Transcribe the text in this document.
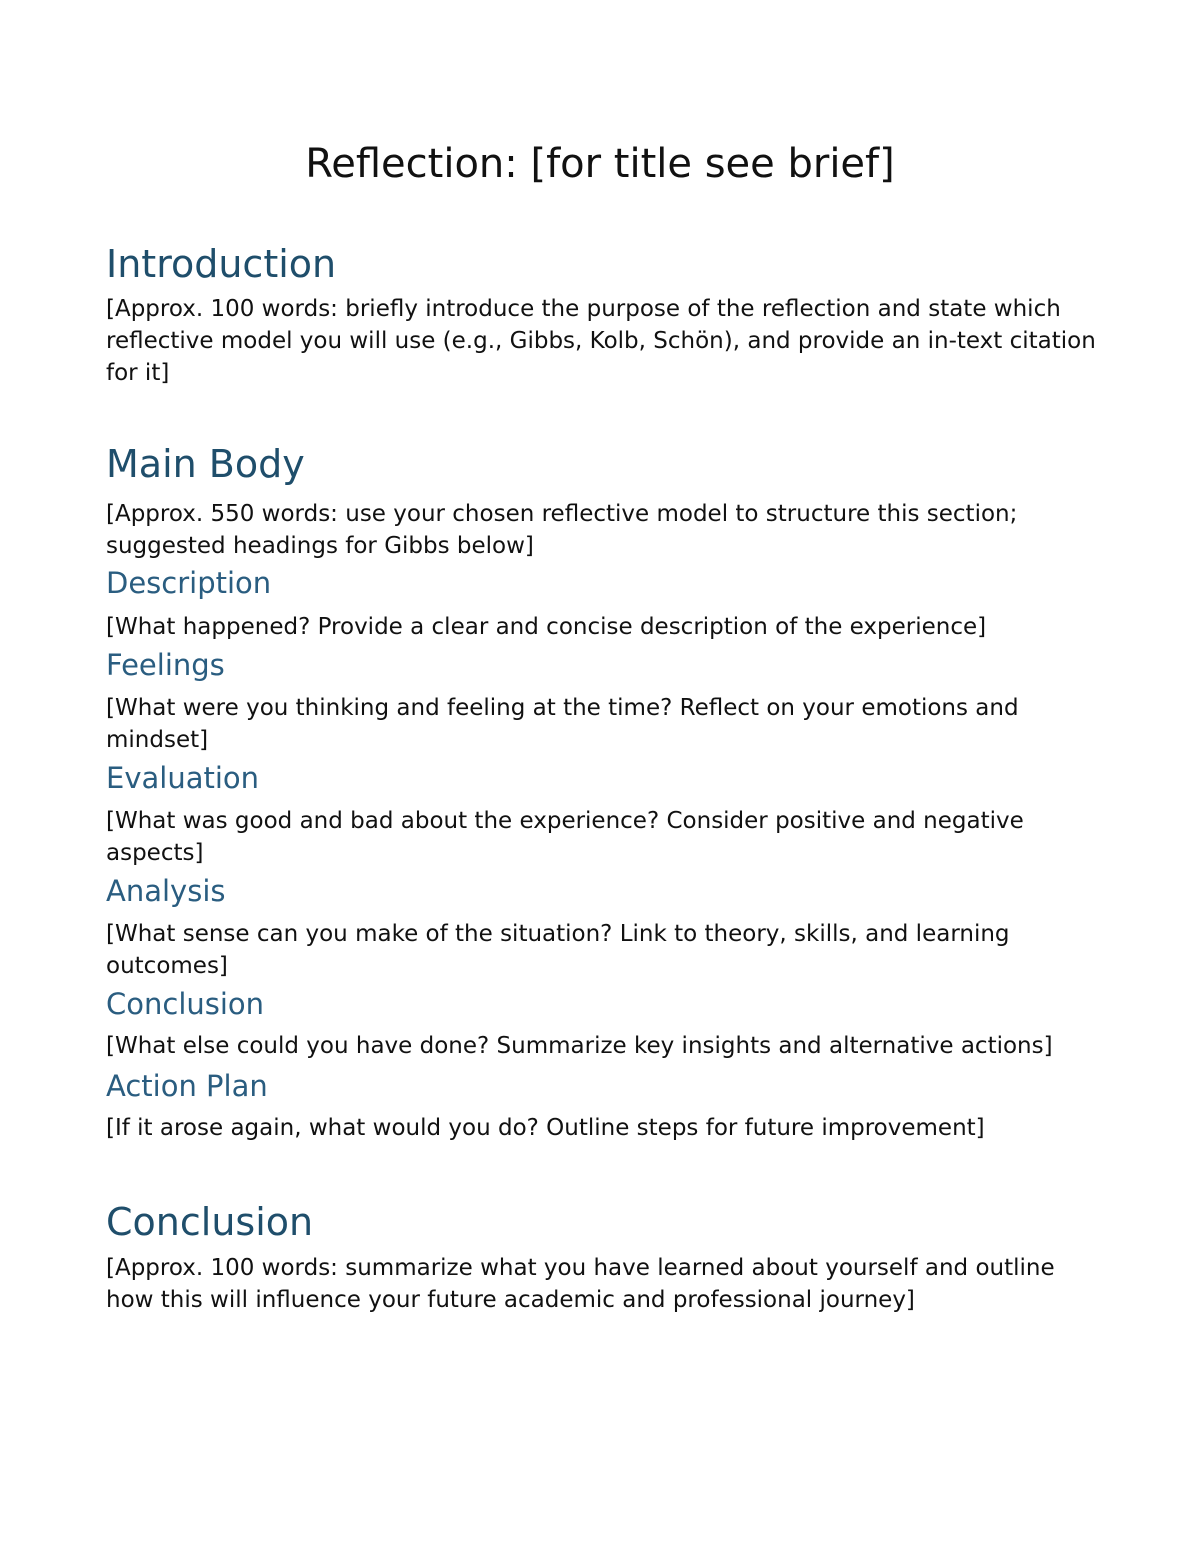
Reflection: [for title see brief]
Introduction

[Approx. 100 words: briefly introduce the purpose of the reflection and state which reflective model you will use (e.g., Gibbs, Kolb, Schön), and provide an in-text citation for it]

Main Body

[Approx. 550 words: use your chosen reflective model to structure this section; suggested headings for Gibbs below]

Description

[What happened? Provide a clear and concise description of the experience]

Feelings

[What were you thinking and feeling at the time? Reflect on your emotions and mindset]

Evaluation

[What was good and bad about the experience? Consider positive and negative aspects]

Analysis

[What sense can you make of the situation? Link to theory, skills, and learning outcomes]

Conclusion

[What else could you have done? Summarize key insights and alternative actions]

Action Plan

[If it arose again, what would you do? Outline steps for future improvement]

Conclusion

[Approx. 100 words: summarize what you have learned about yourself and outline how this will influence your future academic and professional journey]
